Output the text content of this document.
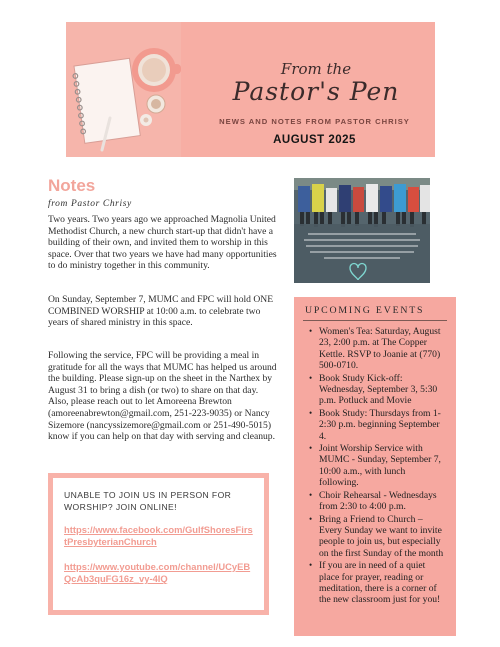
From the
Pastor's Pen
NEWS AND NOTES FROM PASTOR CHRISY
AUGUST 2025
Notes
from Pastor Chrisy

Two years. Two years ago we approached Magnolia United Methodist Church, a new church start-up that didn't have a building of their own, and invited them to worship in this space. Over that two years we have had many opportunities to do ministry together in this community.

On Sunday, September 7, MUMC and FPC will hold ONE COMBINED WORSHIP at 10:00 a.m. to celebrate two years of shared ministry in this space.

Following the service, FPC will be providing a meal in gratitude for all the ways that MUMC has helped us around the building. Please sign-up on the sheet in the Narthex by August 31 to bring a dish (or two) to share on that day. Also, please reach out to let Amoreena Brewton (amoreenabrewton@gmail.com, 251-223-9035) or Nancy Sizemore (nancyssizemore@gmail.com or 251-490-5015) know if you can help on that day with serving and cleanup.

UNABLE TO JOIN US IN PERSON FOR WORSHIP? JOIN ONLINE!
https://www.facebook.com/GulfShoresFirstPresbyterianChurch
https://www.youtube.com/channel/UCyEBQcAb3quFG16z_vy-4IQ
UPCOMING EVENTS
• Women's Tea: Saturday, August 23, 2:00 p.m. at The Copper Kettle. RSVP to Joanie at (770) 500-0710.
• Book Study Kick-off: Wednesday, September 3, 5:30 p.m. Potluck and Movie
• Book Study: Thursdays from 1-2:30 p.m. beginning September 4.
• Joint Worship Service with MUMC - Sunday, September 7, 10:00 a.m., with lunch following.
• Choir Rehearsal - Wednesdays from 2:30 to 4:00 p.m.
• Bring a Friend to Church – Every Sunday we want to invite people to join us, but especially on the first Sunday of the month
• If you are in need of a quiet place for prayer, reading or meditation, there is a corner of the new classroom just for you!
